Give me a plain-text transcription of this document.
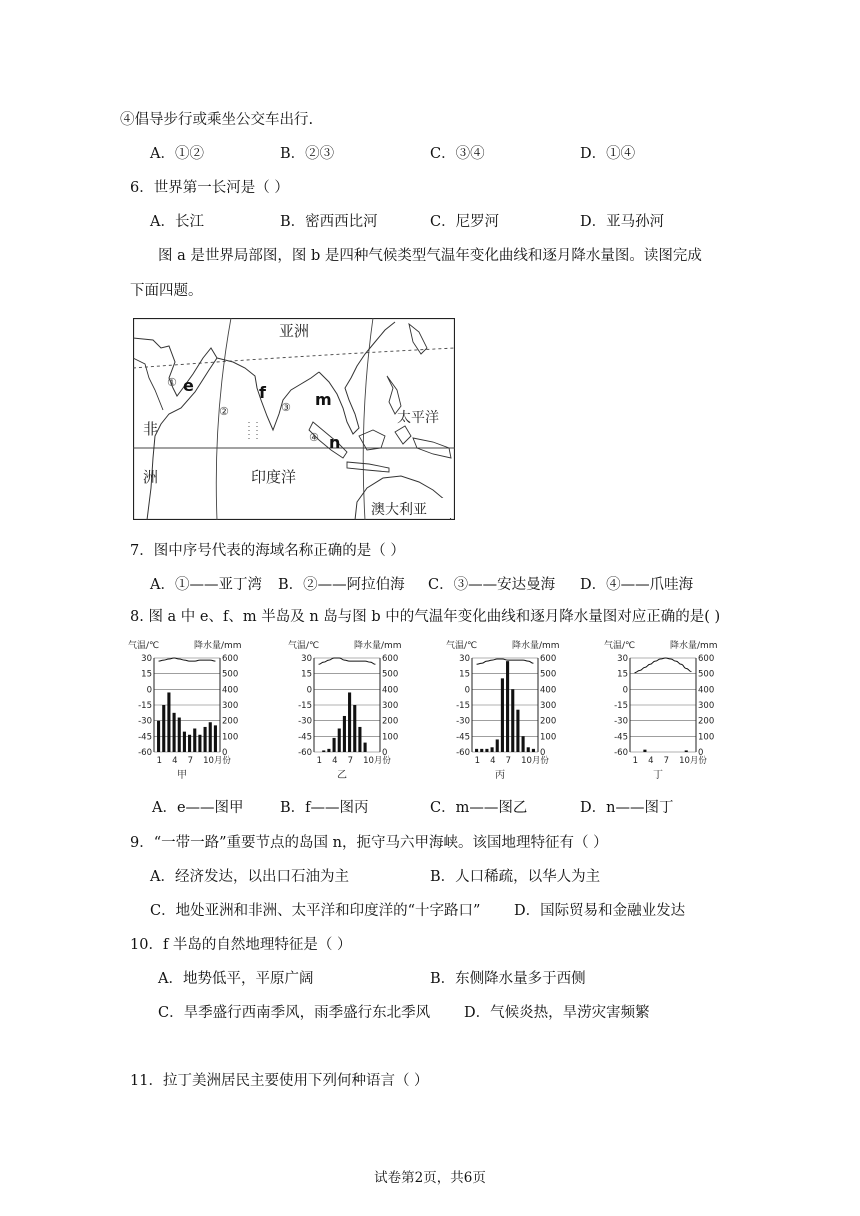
④倡导步行或乘坐公交车出行.
A．①②	B．②③	C．③④	D．①④
6．世界第一长河是（ ）
A．长江	B．密西西比河	C．尼罗河	D．亚马孙河
图 a 是世界局部图，图 b 是四种气候类型气温年变化曲线和逐月降水量图。读图完成
下面四题。
亚洲
非
洲	印度洋
太平洋
澳大利亚
e	f	m
n
①
②	③
④
7．图中序号代表的海域名称正确的是（ ）
A．①——亚丁湾 B．②——阿拉伯海 C．③——安达曼海 D．④——爪哇海
8. 图 a 中 e、f、m 半岛及 n 岛与图 b 中的气温年变化曲线和逐月降水量图对应正确的是( )
气温/℃	降水量/mm
30	600
15	500
0	400
-15	300
-30	200
-45	100
-60	0
1 4 7 10月份
甲
气温/℃	降水量/mm
30	600
15	500
0	400
-15	300
-30	200
-45	100
-60	0
1 4 7 10月份
乙
气温/℃	降水量/mm
30	600
15	500
0	400
-15	300
-30	200
-45	100
-60	0
1 4 7 10月份
丙
气温/℃	降水量/mm
30	600
15	500
0	400
-15	300
-30	200
-45	100
-60	0
1 4 7 10月份
丁
A．e——图甲	B．f——图丙	C．m——图乙	D．n——图丁
9．“一带一路”重要节点的岛国 n，扼守马六甲海峡。该国地理特征有（ ）
A．经济发达，以出口石油为主	B．人口稀疏，以华人为主
C．地处亚洲和非洲、太平洋和印度洋的“十字路口” D．国际贸易和金融业发达
10．f 半岛的自然地理特征是（ ）
A．地势低平，平原广阔	B．东侧降水量多于西侧
C．旱季盛行西南季风，雨季盛行东北季风 D．气候炎热，旱涝灾害频繁
11．拉丁美洲居民主要使用下列何种语言（ ）
试卷第2页，共6页
